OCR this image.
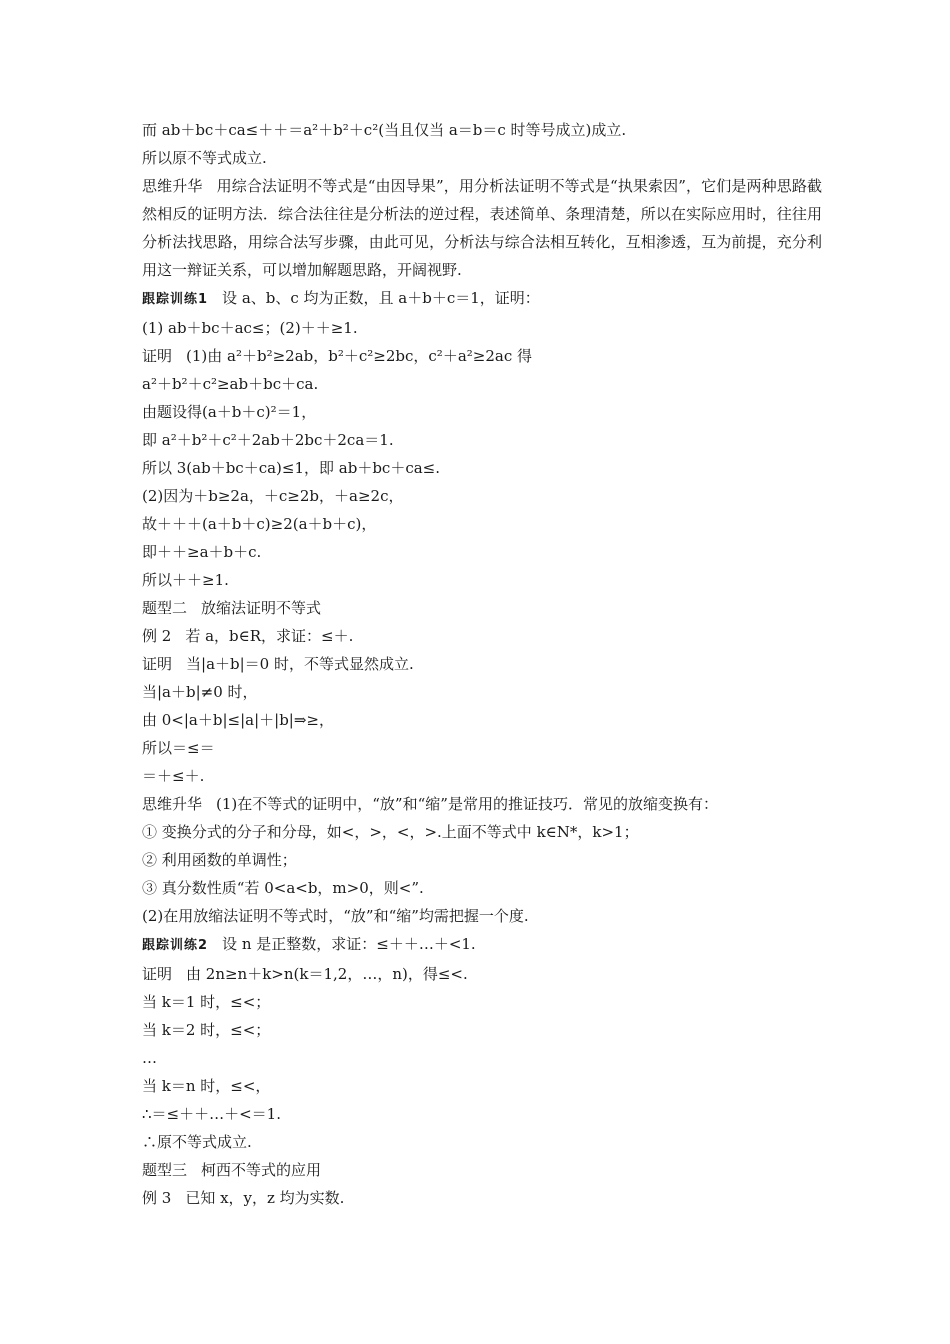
而 ab＋bc＋ca≤＋＋＝a²＋b²＋c²(当且仅当 a＝b＝c 时等号成立)成立.
所以原不等式成立.
思维升华 用综合法证明不等式是“由因导果”，用分析法证明不等式是“执果索因”，它们是两种思路截然相反的证明方法．综合法往往是分析法的逆过程，表述简单、条理清楚，所以在实际应用时，往往用分析法找思路，用综合法写步骤，由此可见，分析法与综合法相互转化，互相渗透，互为前提，充分利用这一辩证关系，可以增加解题思路，开阔视野.
跟踪训练1 设 a、b、c 均为正数，且 a＋b＋c＝1，证明：
(1) ab＋bc＋ac≤；(2)＋＋≥1.
证明 (1)由 a²＋b²≥2ab，b²＋c²≥2bc，c²＋a²≥2ac 得
a²＋b²＋c²≥ab＋bc＋ca.
由题设得(a＋b＋c)²＝1，
即 a²＋b²＋c²＋2ab＋2bc＋2ca＝1.
所以 3(ab＋bc＋ca)≤1，即 ab＋bc＋ca≤.
(2)因为＋b≥2a，＋c≥2b，＋a≥2c，
故＋＋＋(a＋b＋c)≥2(a＋b＋c)，
即＋＋≥a＋b＋c.
所以＋＋≥1.
题型二 放缩法证明不等式
例 2 若 a，b∈R，求证：≤＋.
证明 当|a＋b|＝0 时，不等式显然成立.
当|a＋b|≠0 时，
由 0<|a＋b|≤|a|＋|b|⇒≥，
所以＝≤＝
＝＋≤＋.
思维升华 (1)在不等式的证明中，“放”和“缩”是常用的推证技巧．常见的放缩变换有：
① 变换分式的分子和分母，如<，>，<，>.上面不等式中 k∈N*，k>1；
② 利用函数的单调性；
③ 真分数性质“若 0<a<b，m>0，则<”.
(2)在用放缩法证明不等式时，“放”和“缩”均需把握一个度.
跟踪训练2 设 n 是正整数，求证：≤＋＋…＋<1.
证明 由 2n≥n＋k>n(k＝1,2，…，n)，得≤<.
当 k＝1 时，≤<；
当 k＝2 时，≤<；
…
当 k＝n 时，≤<，
∴＝≤＋＋…＋<＝1.
∴原不等式成立.
题型三 柯西不等式的应用
例 3 已知 x，y，z 均为实数.
